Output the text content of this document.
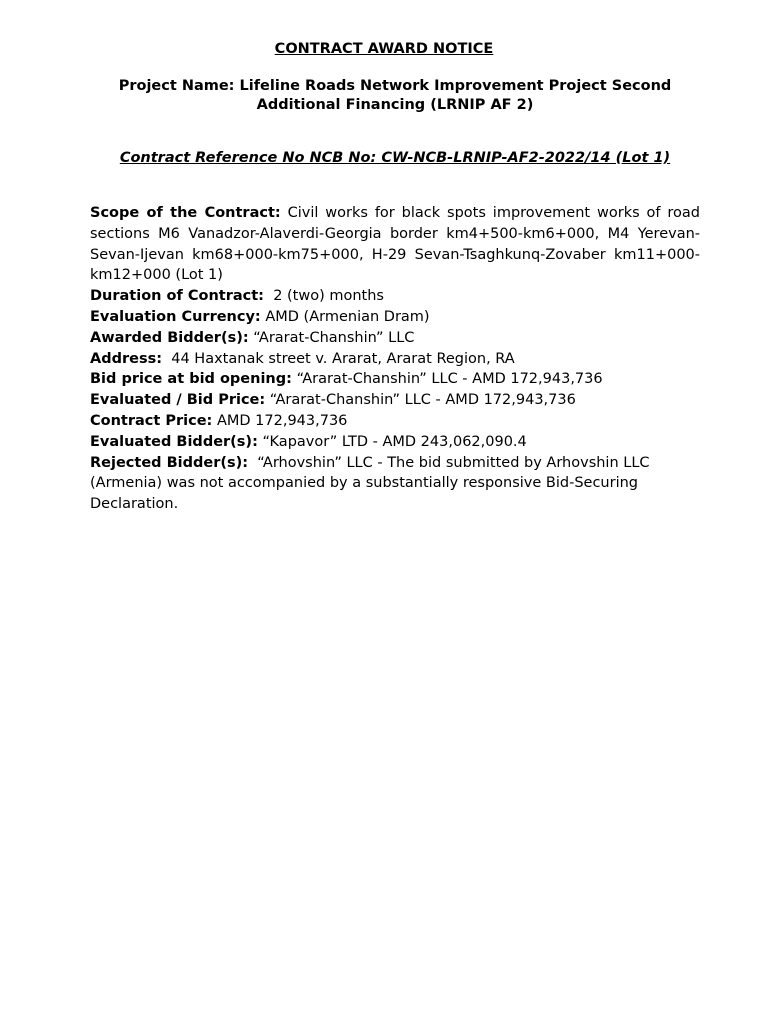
CONTRACT AWARD NOTICE
Project Name: Lifeline Roads Network Improvement Project Second
Additional Financing (LRNIP AF 2)
Contract Reference No NCB No: CW-NCB-LRNIP-AF2-2022/14 (Lot 1)

Scope of the Contract: Civil works for black spots improvement works of road sections M6 Vanadzor-Alaverdi-Georgia border km4+500-km6+000, M4 Yerevan-Sevan-Ijevan km68+000-km75+000, H-29 Sevan-Tsaghkunq-Zovaber km11+000-km12+000 (Lot 1)

Duration of Contract: 2 (two) months

Evaluation Currency: AMD (Armenian Dram)

Awarded Bidder(s): “Ararat-Chanshin” LLC

Address: 44 Haxtanak street v. Ararat, Ararat Region, RA

Bid price at bid opening: “Ararat-Chanshin” LLC - AMD 172,943,736

Evaluated / Bid Price: “Ararat-Chanshin” LLC - AMD 172,943,736

Contract Price: AMD 172,943,736

Evaluated Bidder(s): “Kapavor” LTD - AMD 243,062,090.4

Rejected Bidder(s): “Arhovshin” LLC - The bid submitted by Arhovshin LLC (Armenia) was not accompanied by a substantially responsive Bid-Securing Declaration.
